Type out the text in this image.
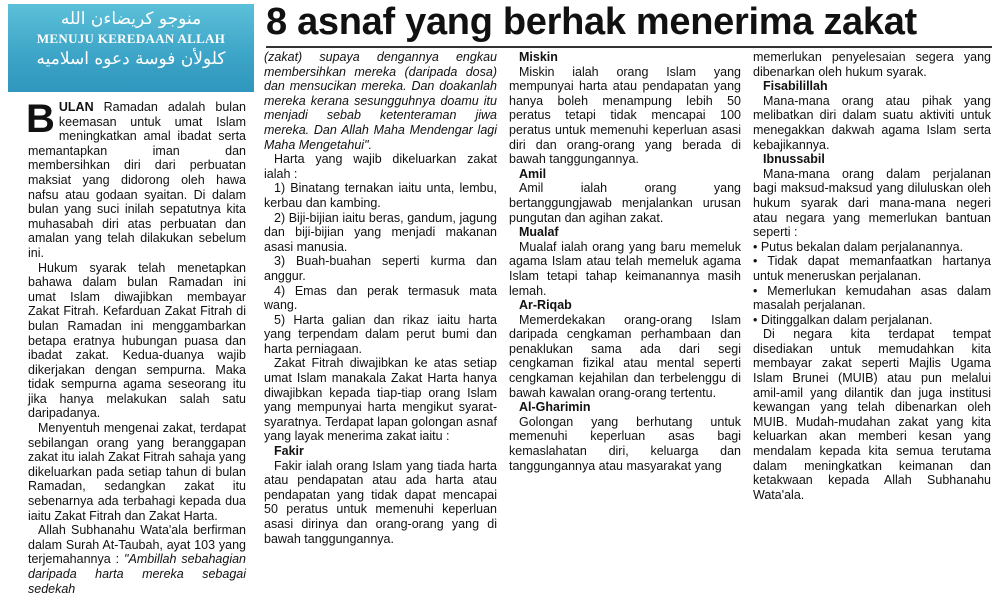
منوجو كريضاءن الله
MENUJU KEREDAAN ALLAH
كلولأن فوسة دعوه اسلاميه
8 asnaf yang berhak menerima zakat

BULAN Ramadan adalah bulan keemasan untuk umat Islam meningkatkan amal ibadat serta memantapkan iman dan membersihkan diri dari perbuatan maksiat yang didorong oleh hawa nafsu atau godaan syaitan. Di dalam bulan yang suci inilah sepatutnya kita muhasabah diri atas perbuatan dan amalan yang telah dilakukan sebelum ini.

Hukum syarak telah menetapkan bahawa dalam bulan Ramadan ini umat Islam diwajibkan membayar Zakat Fitrah. Kefarduan Zakat Fitrah di bulan Ramadan ini menggambarkan betapa eratnya hubungan puasa dan ibadat zakat. Kedua-duanya wajib dikerjakan dengan sempurna. Maka tidak sempurna agama seseorang itu jika hanya melakukan salah satu daripadanya.

Menyentuh mengenai zakat, terdapat sebilangan orang yang beranggapan zakat itu ialah Zakat Fitrah sahaja yang dikeluarkan pada setiap tahun di bulan Ramadan, sedangkan zakat itu sebenarnya ada terbahagi kepada dua iaitu Zakat Fitrah dan Zakat Harta.

Allah Subhanahu Wata'ala berfirman dalam Surah At-Taubah, ayat 103 yang terjemahannya : "Ambillah sebahagian daripada harta mereka sebagai sedekah

(zakat) supaya dengannya engkau membersihkan mereka (daripada dosa) dan mensucikan mereka. Dan doakanlah mereka kerana sesungguhnya doamu itu menjadi sebab ketenteraman jiwa mereka. Dan Allah Maha Mendengar lagi Maha Mengetahui".

Harta yang wajib dikeluarkan zakat ialah :

1) Binatang ternakan iaitu unta, lembu, kerbau dan kambing.

2) Biji-bijian iaitu beras, gandum, jagung dan biji-bijian yang menjadi makanan asasi manusia.

3) Buah-buahan seperti kurma dan anggur.

4) Emas dan perak termasuk mata wang.

5) Harta galian dan rikaz iaitu harta yang terpendam dalam perut bumi dan harta perniagaan.

Zakat Fitrah diwajibkan ke atas setiap umat Islam manakala Zakat Harta hanya diwajibkan kepada tiap-tiap orang Islam yang mempunyai harta mengikut syarat-syaratnya. Terdapat lapan golongan asnaf yang layak menerima zakat iaitu :

Fakir

Fakir ialah orang Islam yang tiada harta atau pendapatan atau ada harta atau pendapatan yang tidak dapat mencapai 50 peratus untuk memenuhi keperluan asasi dirinya dan orang-orang yang di bawah tanggungannya.

Miskin

Miskin ialah orang Islam yang mempunyai harta atau pendapatan yang hanya boleh menampung lebih 50 peratus tetapi tidak mencapai 100 peratus untuk memenuhi keperluan asasi diri dan orang-orang yang berada di bawah tanggungannya.

Amil

Amil ialah orang yang bertanggungjawab menjalankan urusan pungutan dan agihan zakat.

Mualaf

Mualaf ialah orang yang baru memeluk agama Islam atau telah memeluk agama Islam tetapi tahap keimanannya masih lemah.

Ar-Riqab

Memerdekakan orang-orang Islam daripada cengkaman perhambaan dan penaklukan sama ada dari segi cengkaman fizikal atau mental seperti cengkaman kejahilan dan terbelenggu di bawah kawalan orang-orang tertentu.

Al-Gharimin

Golongan yang berhutang untuk memenuhi keperluan asas bagi kemaslahatan diri, keluarga dan tanggungannya atau masyarakat yang

memerlukan penyelesaian segera yang dibenarkan oleh hukum syarak.

Fisabilillah

Mana-mana orang atau pihak yang melibatkan diri dalam suatu aktiviti untuk menegakkan dakwah agama Islam serta kebajikannya.

Ibnussabil

Mana-mana orang dalam perjalanan bagi maksud-maksud yang diluluskan oleh hukum syarak dari mana-mana negeri atau negara yang memerlukan bantuan seperti :

• Putus bekalan dalam perjalanannya.

• Tidak dapat memanfaatkan hartanya untuk meneruskan perjalanan.

• Memerlukan kemudahan asas dalam masalah perjalanan.

• Ditinggalkan dalam perjalanan.

Di negara kita terdapat tempat disediakan untuk memudahkan kita membayar zakat seperti Majlis Ugama Islam Brunei (MUIB) atau pun melalui amil-amil yang dilantik dan juga institusi kewangan yang telah dibenarkan oleh MUIB. Mudah-mudahan zakat yang kita keluarkan akan memberi kesan yang mendalam kepada kita semua terutama dalam meningkatkan keimanan dan ketakwaan kepada Allah Subhanahu Wata'ala.
